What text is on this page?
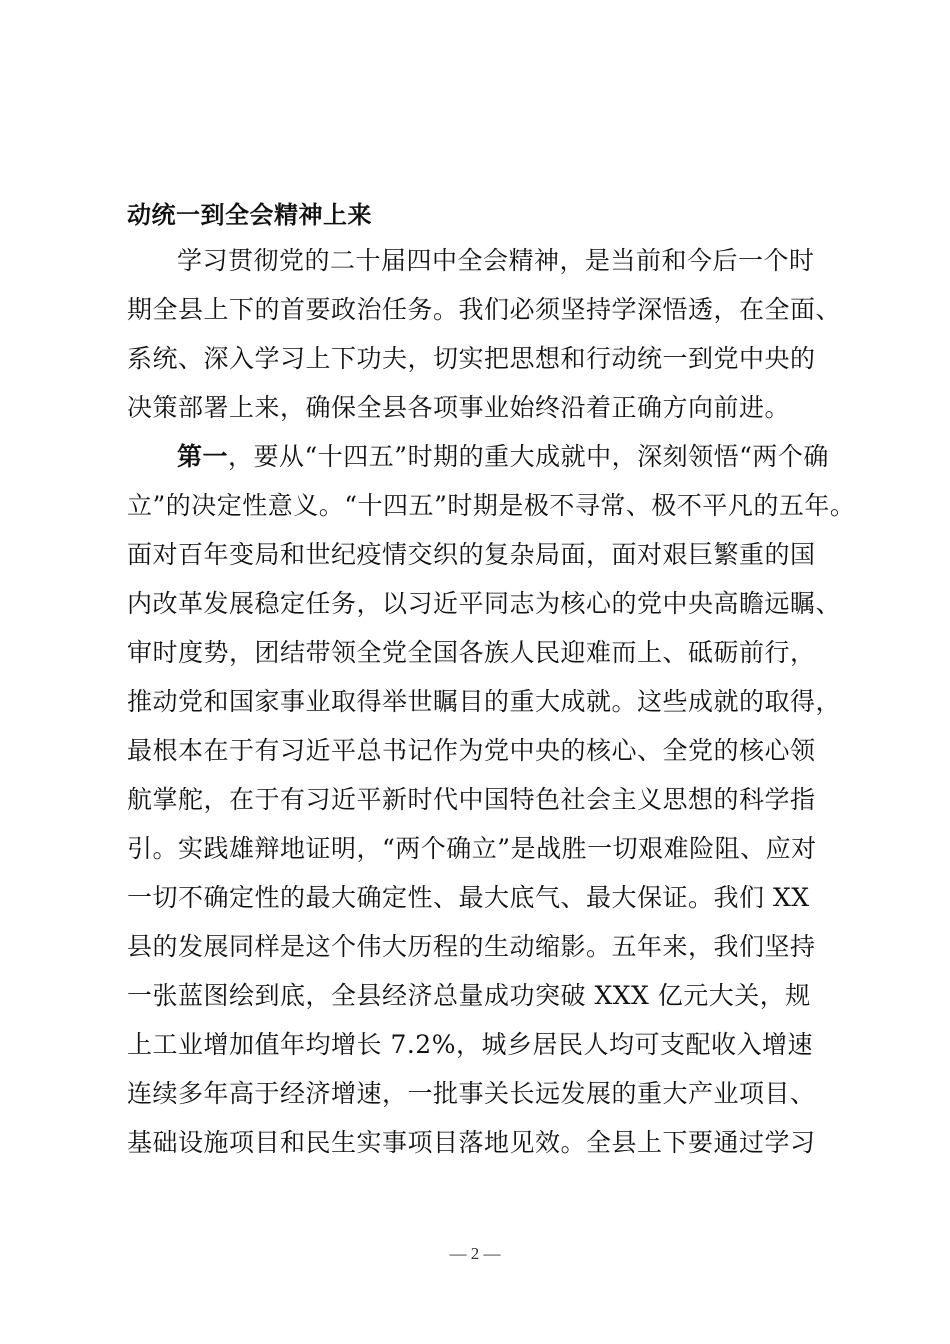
动统一到全会精神上来
学习贯彻党的二十届四中全会精神，是当前和今后一个时
期全县上下的首要政治任务。我们必须坚持学深悟透，在全面、
系统、深入学习上下功夫，切实把思想和行动统一到党中央的
决策部署上来，确保全县各项事业始终沿着正确方向前进。
第一，要从“十四五”时期的重大成就中，深刻领悟“两个确
立”的决定性意义。“十四五”时期是极不寻常、极不平凡的五年。
面对百年变局和世纪疫情交织的复杂局面，面对艰巨繁重的国
内改革发展稳定任务，以习近平同志为核心的党中央高瞻远瞩、
审时度势，团结带领全党全国各族人民迎难而上、砥砺前行，
推动党和国家事业取得举世瞩目的重大成就。这些成就的取得，
最根本在于有习近平总书记作为党中央的核心、全党的核心领
航掌舵，在于有习近平新时代中国特色社会主义思想的科学指
引。实践雄辩地证明，“两个确立”是战胜一切艰难险阻、应对
一切不确定性的最大确定性、最大底气、最大保证。我们 XX
县的发展同样是这个伟大历程的生动缩影。五年来，我们坚持
一张蓝图绘到底，全县经济总量成功突破 XXX 亿元大关，规
上工业增加值年均增长 7.2%，城乡居民人均可支配收入增速
连续多年高于经济增速，一批事关长远发展的重大产业项目、
基础设施项目和民生实事项目落地见效。全县上下要通过学习
— 2 —
